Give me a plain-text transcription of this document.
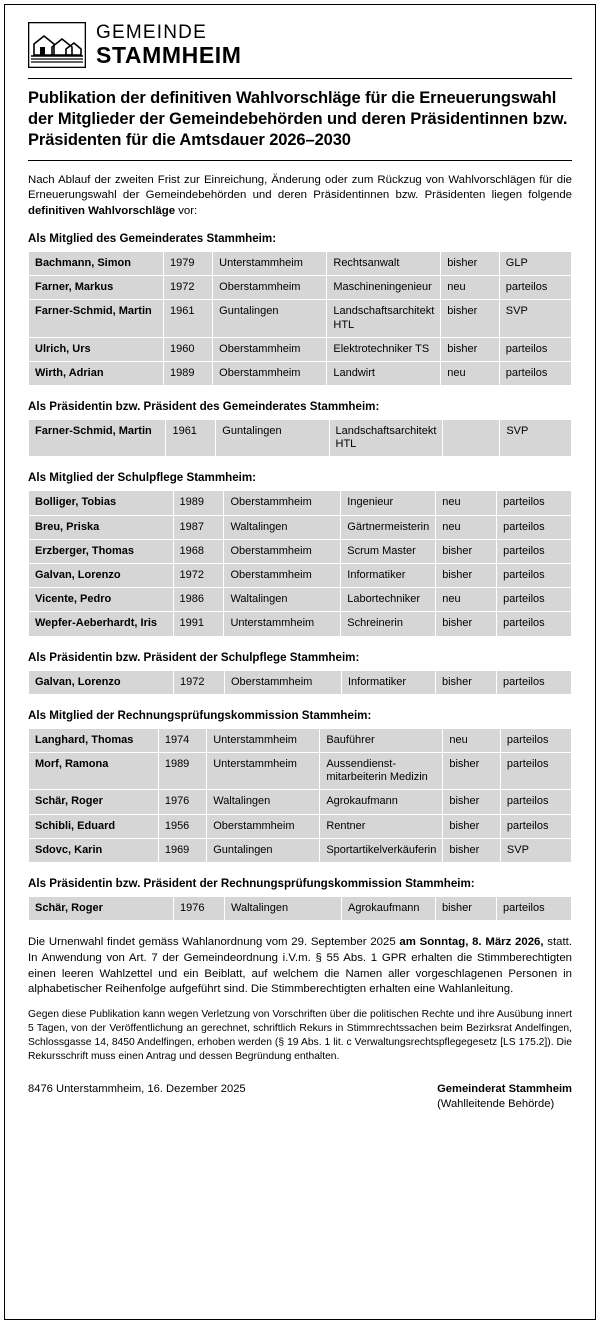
GEMEINDE
STAMMHEIM
Publikation der definitiven Wahlvorschläge für die Erneuerungswahl der Mitglieder der Gemeindebehörden und deren Präsidentinnen bzw. Präsidenten für die Amtsdauer 2026–2030

Nach Ablauf der zweiten Frist zur Einreichung, Änderung oder zum Rückzug von Wahlvorschlägen für die Erneuerungswahl der Gemeindebehörden und deren Präsidentinnen bzw. Präsidenten liegen folgende definitiven Wahlvorschläge vor:

Als Mitglied des Gemeinderates Stammheim:
Bachmann, Simon	1979	Unterstammheim	Rechtsanwalt	bisher	GLP
Farner, Markus	1972	Oberstammheim	Maschineningenieur	neu	parteilos
Farner-Schmid, Martin	1961	Guntalingen	Landschaftsarchitekt HTL	bisher	SVP
Ulrich, Urs	1960	Oberstammheim	Elektrotechniker TS	bisher	parteilos
Wirth, Adrian	1989	Oberstammheim	Landwirt	neu	parteilos
Als Präsidentin bzw. Präsident des Gemeinderates Stammheim:
Farner-Schmid, Martin	1961	Guntalingen	Landschaftsarchitekt HTL		SVP
Als Mitglied der Schulpflege Stammheim:
Bolliger, Tobias	1989	Oberstammheim	Ingenieur	neu	parteilos
Breu, Priska	1987	Waltalingen	Gärtnermeisterin	neu	parteilos
Erzberger, Thomas	1968	Oberstammheim	Scrum Master	bisher	parteilos
Galvan, Lorenzo	1972	Oberstammheim	Informatiker	bisher	parteilos
Vicente, Pedro	1986	Waltalingen	Labortechniker	neu	parteilos
Wepfer-Aeberhardt, Iris	1991	Unterstammheim	Schreinerin	bisher	parteilos
Als Präsidentin bzw. Präsident der Schulpflege Stammheim:
Galvan, Lorenzo	1972	Oberstammheim	Informatiker	bisher	parteilos
Als Mitglied der Rechnungsprüfungskommission Stammheim:
Langhard, Thomas	1974	Unterstammheim	Bauführer	neu	parteilos
Morf, Ramona	1989	Unterstammheim	Aussendienst- mitarbeiterin Medizin	bisher	parteilos
Schär, Roger	1976	Waltalingen	Agrokaufmann	bisher	parteilos
Schibli, Eduard	1956	Oberstammheim	Rentner	bisher	parteilos
Sdovc, Karin	1969	Guntalingen	Sportartikelverkäuferin	bisher	SVP
Als Präsidentin bzw. Präsident der Rechnungsprüfungskommission Stammheim:
Schär, Roger	1976	Waltalingen	Agrokaufmann	bisher	parteilos

Die Urnenwahl findet gemäss Wahlanordnung vom 29. September 2025 am Sonntag, 8. März 2026, statt. In Anwendung von Art. 7 der Gemeindeordnung i.V.m. § 55 Abs. 1 GPR erhalten die Stimmberechtigten einen leeren Wahlzettel und ein Beiblatt, auf welchem die Namen aller vorgeschlagenen Personen in alphabetischer Reihenfolge aufgeführt sind. Die Stimmberechtigten erhalten eine Wahlanleitung.

Gegen diese Publikation kann wegen Verletzung von Vorschriften über die politischen Rechte und ihre Ausübung innert 5 Tagen, von der Veröffentlichung an gerechnet, schriftlich Rekurs in Stimmrechtssachen beim Bezirksrat Andelfingen, Schlossgasse 14, 8450 Andelfingen, erhoben werden (§ 19 Abs. 1 lit. c Verwaltungsrechtspflegegesetz [LS 175.2]). Die Rekursschrift muss einen Antrag und dessen Begründung enthalten.

8476 Unterstammheim, 16. Dezember 2025	Gemeinderat Stammheim
(Wahlleitende Behörde)
